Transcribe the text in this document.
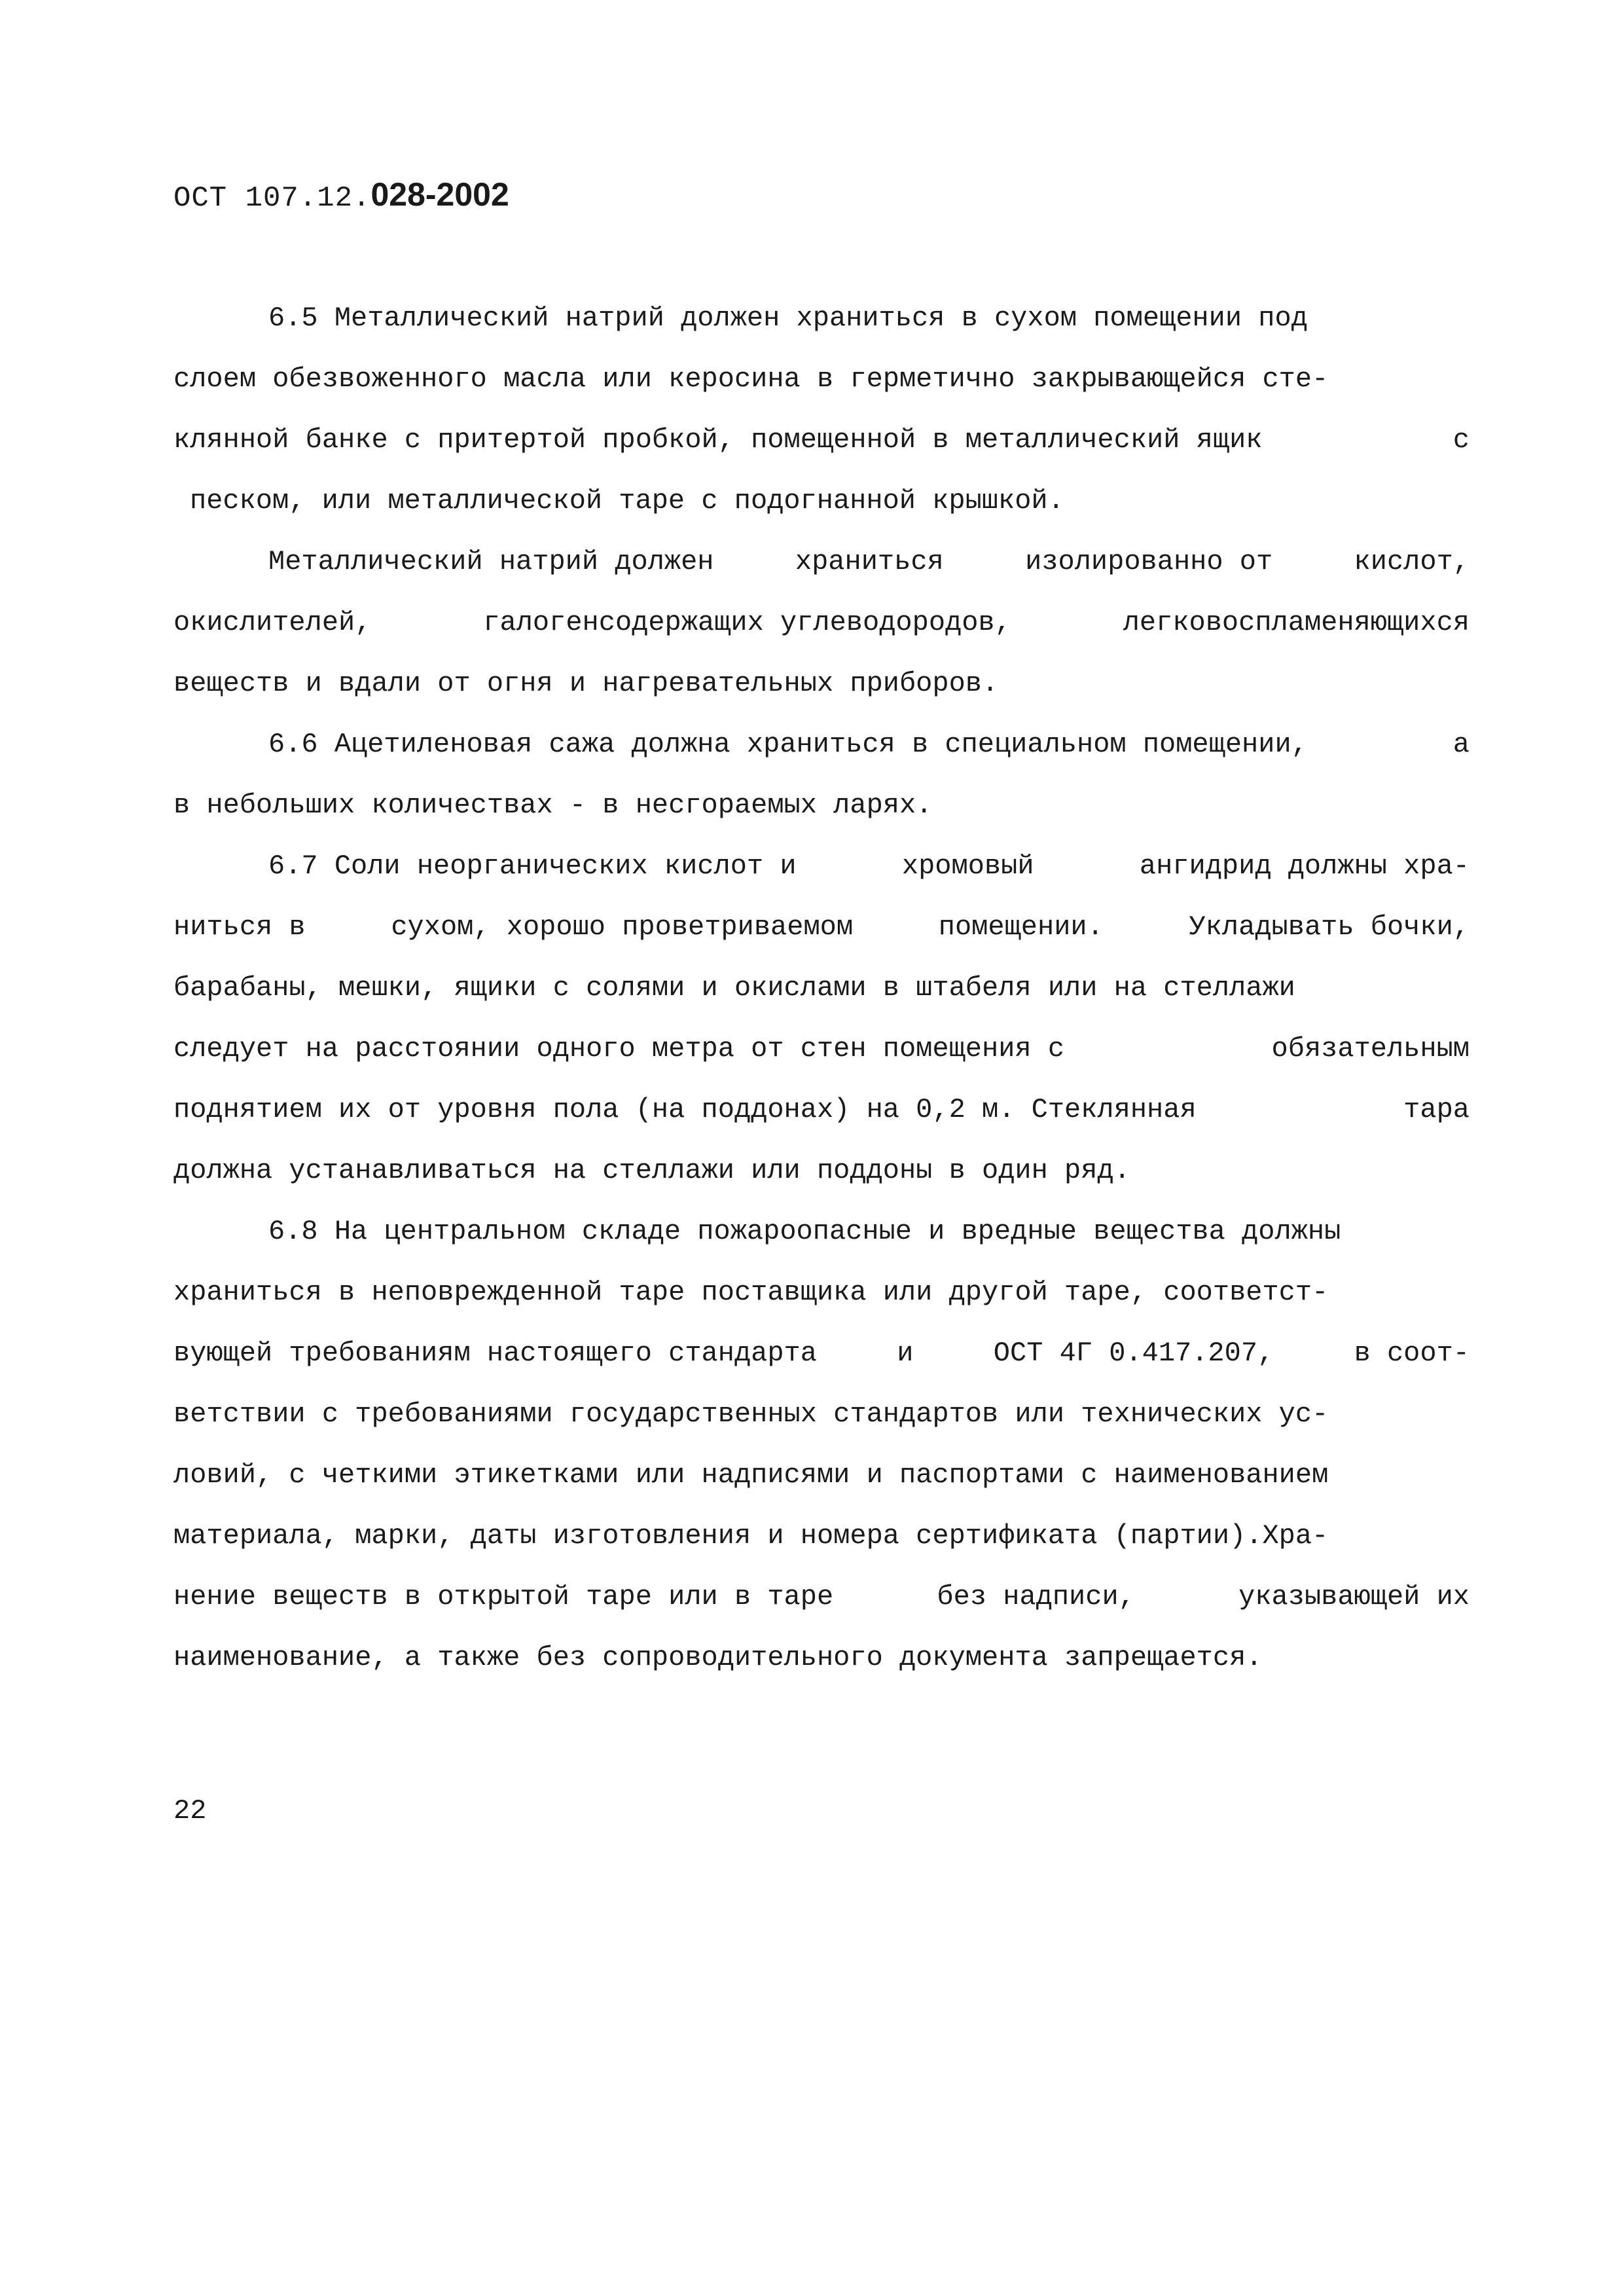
ОСТ 107.12.028-2002
6.5 Металлический натрий должен храниться в сухом помещении под
слоем обезвоженного масла или керосина в герметично закрывающейся сте-
клянной банке с притертой пробкой, помещенной в металлический ящик	с
песком, или металлической таре с подогнанной крышкой.
Металлический натрий должен	храниться	изолированно от	кислот,
окислителей,	галогенсодержащих углеводородов,	легковоспламеняющихся
веществ и вдали от огня и нагревательных приборов.
6.6 Ацетиленовая сажа должна храниться в специальном помещении,	а
в небольших количествах - в несгораемых ларях.
6.7 Соли неорганических кислот и	хромовый	ангидрид должны хра-
ниться в	сухом, хорошо проветриваемом	помещении.	Укладывать бочки,
барабаны, мешки, ящики с солями и окислами в штабеля или на стеллажи
следует на расстоянии одного метра от стен помещения с	обязательным
поднятием их от уровня пола (на поддонах) на 0,2 м. Стеклянная	тара
должна устанавливаться на стеллажи или поддоны в один ряд.
6.8 На центральном складе пожароопасные и вредные вещества должны
храниться в неповрежденной таре поставщика или другой таре, соответст-
вующей требованиям настоящего стандарта	и	ОСТ 4Г 0.417.207,	в соот-
ветствии с требованиями государственных стандартов или технических ус-
ловий, с четкими этикетками или надписями и паспортами с наименованием
материала, марки, даты изготовления и номера сертификата (партии).Хра-
нение веществ в открытой таре или в таре	без надписи,	указывающей их
наименование, а также без сопроводительного документа запрещается.
22
